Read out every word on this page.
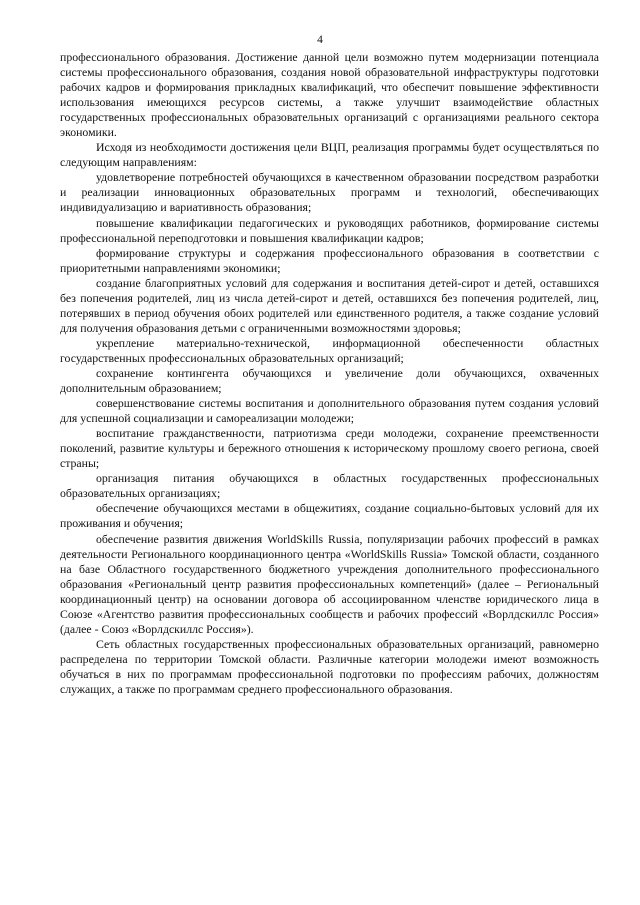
4

профессионального образования. Достижение данной цели возможно путем модернизации потенциала системы профессионального образования, создания новой образовательной инфраструктуры подготовки рабочих кадров и формирования прикладных квалификаций, что обеспечит повышение эффективности использования имеющихся ресурсов системы, а также улучшит взаимодействие областных государственных профессиональных образовательных организаций с организациями реального сектора экономики.

Исходя из необходимости достижения цели ВЦП, реализация программы будет осуществляться по следующим направлениям:

удовлетворение потребностей обучающихся в качественном образовании посредством разработки и реализации инновационных образовательных программ и технологий, обеспечивающих индивидуализацию и вариативность образования;

повышение квалификации педагогических и руководящих работников, формирование системы профессиональной переподготовки и повышения квалификации кадров;

формирование структуры и содержания профессионального образования в соответствии с приоритетными направлениями экономики;

создание благоприятных условий для содержания и воспитания детей-сирот и детей, оставшихся без попечения родителей, лиц из числа детей-сирот и детей, оставшихся без попечения родителей, лиц, потерявших в период обучения обоих родителей или единственного родителя, а также создание условий для получения образования детьми с ограниченными возможностями здоровья;

укрепление материально-технической, информационной обеспеченности областных государственных профессиональных образовательных организаций;

сохранение контингента обучающихся и увеличение доли обучающихся, охваченных дополнительным образованием;

совершенствование системы воспитания и дополнительного образования путем создания условий для успешной социализации и самореализации молодежи;

воспитание гражданственности, патриотизма среди молодежи, сохранение преемственности поколений, развитие культуры и бережного отношения к историческому прошлому своего региона, своей страны;

организация питания обучающихся в областных государственных профессиональных образовательных организациях;

обеспечение обучающихся местами в общежитиях, создание социально-бытовых условий для их проживания и обучения;

обеспечение развития движения WorldSkills Russia, популяризации рабочих профессий в рамках деятельности Регионального координационного центра «WorldSkills Russia» Томской области, созданного на базе Областного государственного бюджетного учреждения дополнительного профессионального образования «Региональный центр развития профессиональных компетенций» (далее – Региональный координационный центр) на основании договора об ассоциированном членстве юридического лица в Союзе «Агентство развития профессиональных сообществ и рабочих профессий «Ворлдскиллс Россия» (далее - Союз «Ворлдскиллс Россия»).

Сеть областных государственных профессиональных образовательных организаций, равномерно распределена по территории Томской области. Различные категории молодежи имеют возможность обучаться в них по программам профессиональной подготовки по профессиям рабочих, должностям служащих, а также по программам среднего профессионального образования.
